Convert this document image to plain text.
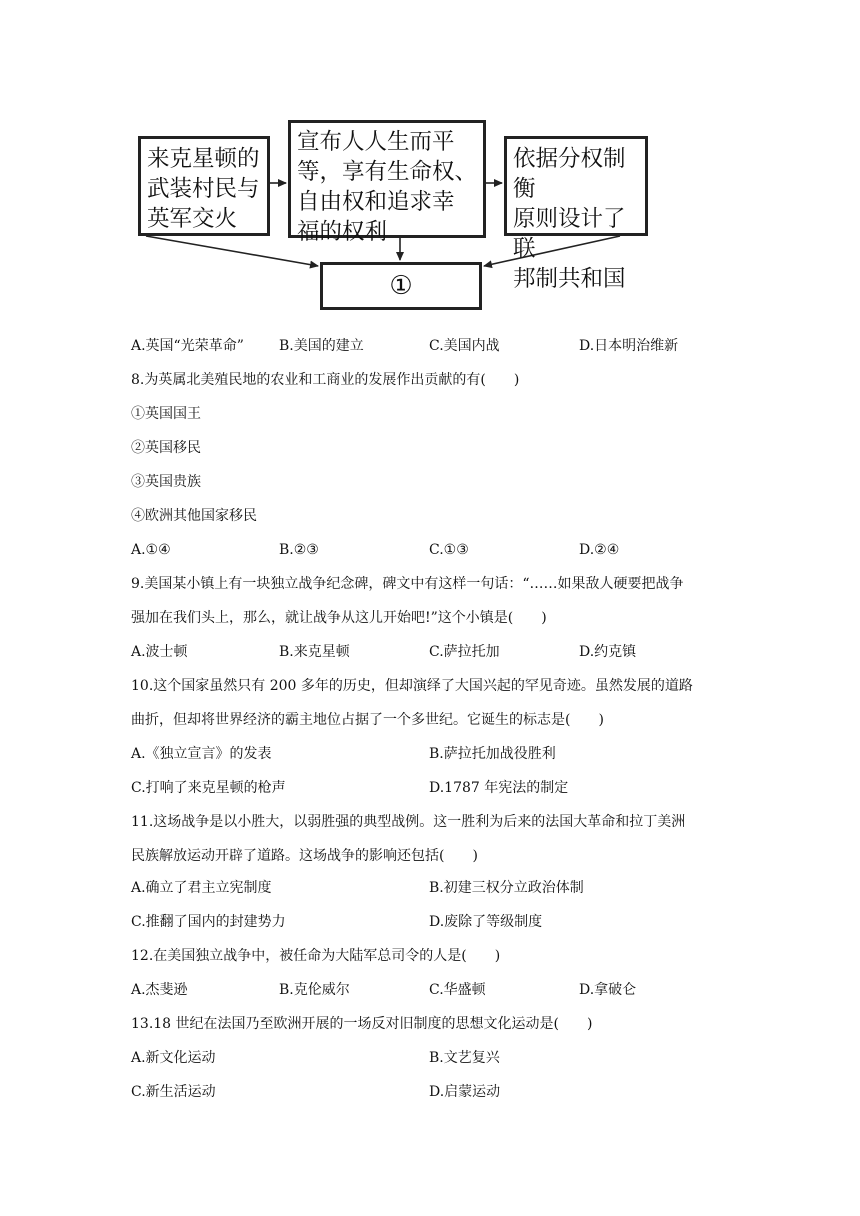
来克星顿的
武装村民与
英军交火
宣布人人生而平
等，享有生命权、
自由权和追求幸
福的权利
依据分权制衡
原则设计了联
邦制共和国
①
A.英国“光荣革命”	B.美国的建立	C.美国内战	D.日本明治维新
8.为英属北美殖民地的农业和工商业的发展作出贡献的有(　　)
①英国国王
②英国移民
③英国贵族
④欧洲其他国家移民
A.①④	B.②③	C.①③	D.②④
9.美国某小镇上有一块独立战争纪念碑，碑文中有这样一句话：“……如果敌人硬要把战争
强加在我们头上，那么，就让战争从这儿开始吧!”这个小镇是(　　)
A.波士顿	B.来克星顿	C.萨拉托加	D.约克镇
10.这个国家虽然只有 200 多年的历史，但却演绎了大国兴起的罕见奇迹。虽然发展的道路
曲折，但却将世界经济的霸主地位占据了一个多世纪。它诞生的标志是(　　)
A.《独立宣言》的发表	B.萨拉托加战役胜利
C.打响了来克星顿的枪声	D.1787 年宪法的制定
11.这场战争是以小胜大，以弱胜强的典型战例。这一胜利为后来的法国大革命和拉丁美洲
民族解放运动开辟了道路。这场战争的影响还包括(　　)
A.确立了君主立宪制度	B.初建三权分立政治体制
C.推翻了国内的封建势力	D.废除了等级制度
12.在美国独立战争中，被任命为大陆军总司令的人是(　　)
A.杰斐逊	B.克伦威尔	C.华盛顿	D.拿破仑
13.18 世纪在法国乃至欧洲开展的一场反对旧制度的思想文化运动是(　　)
A.新文化运动	B.文艺复兴
C.新生活运动	D.启蒙运动
